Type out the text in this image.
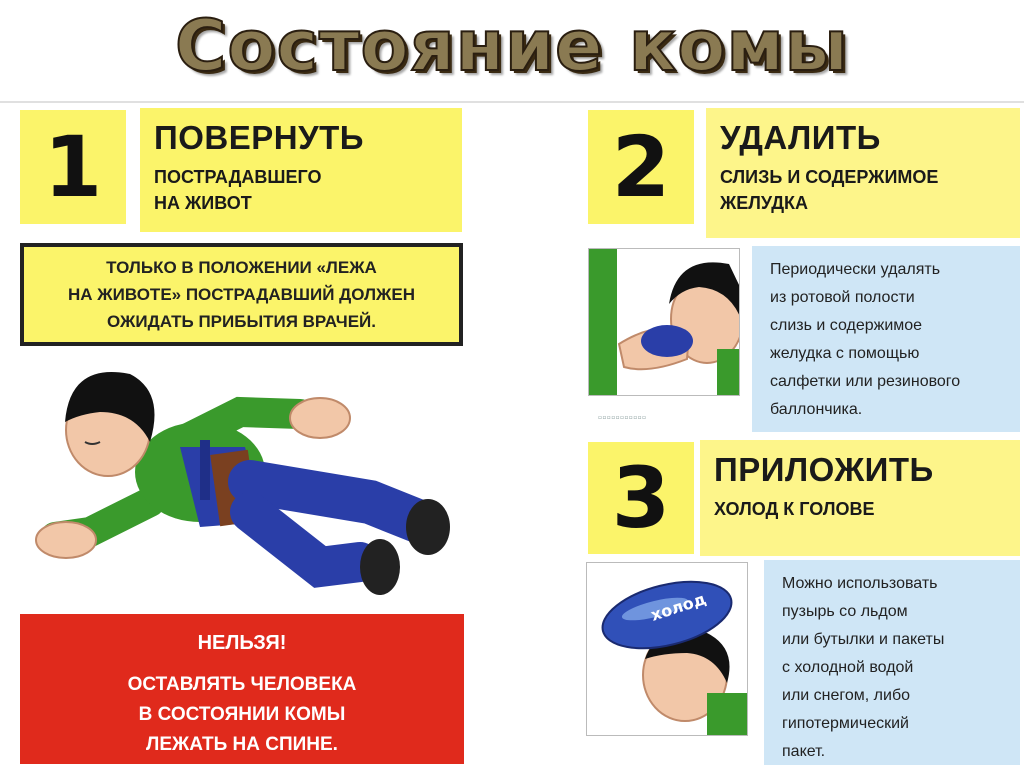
Состояние комы
1	ПОВЕРНУТЬ
ПОСТРАДАВШЕГО
НА ЖИВОТ
ТОЛЬКО В ПОЛОЖЕНИИ «ЛЕЖА
НА ЖИВОТЕ» ПОСТРАДАВШИЙ ДОЛЖЕН
ОЖИДАТЬ ПРИБЫТИЯ ВРАЧЕЙ.
НЕЛЬЗЯ!
ОСТАВЛЯТЬ ЧЕЛОВЕКА
В СОСТОЯНИИ КОМЫ
ЛЕЖАТЬ НА СПИНЕ.
2	УДАЛИТЬ
СЛИЗЬ И СОДЕРЖИМОЕ
ЖЕЛУДКА
▫▫▫▫▫▫▫▫▫▫▫
Периодически удалять
из ротовой полости
слизь и содержимое
желудка с помощью
салфетки или резинового
баллончика.
3	ПРИЛОЖИТЬ
ХОЛОД К ГОЛОВЕ
холод
Можно использовать
пузырь со льдом
или бутылки и пакеты
с холодной водой
или снегом, либо
гипотермический
пакет.
